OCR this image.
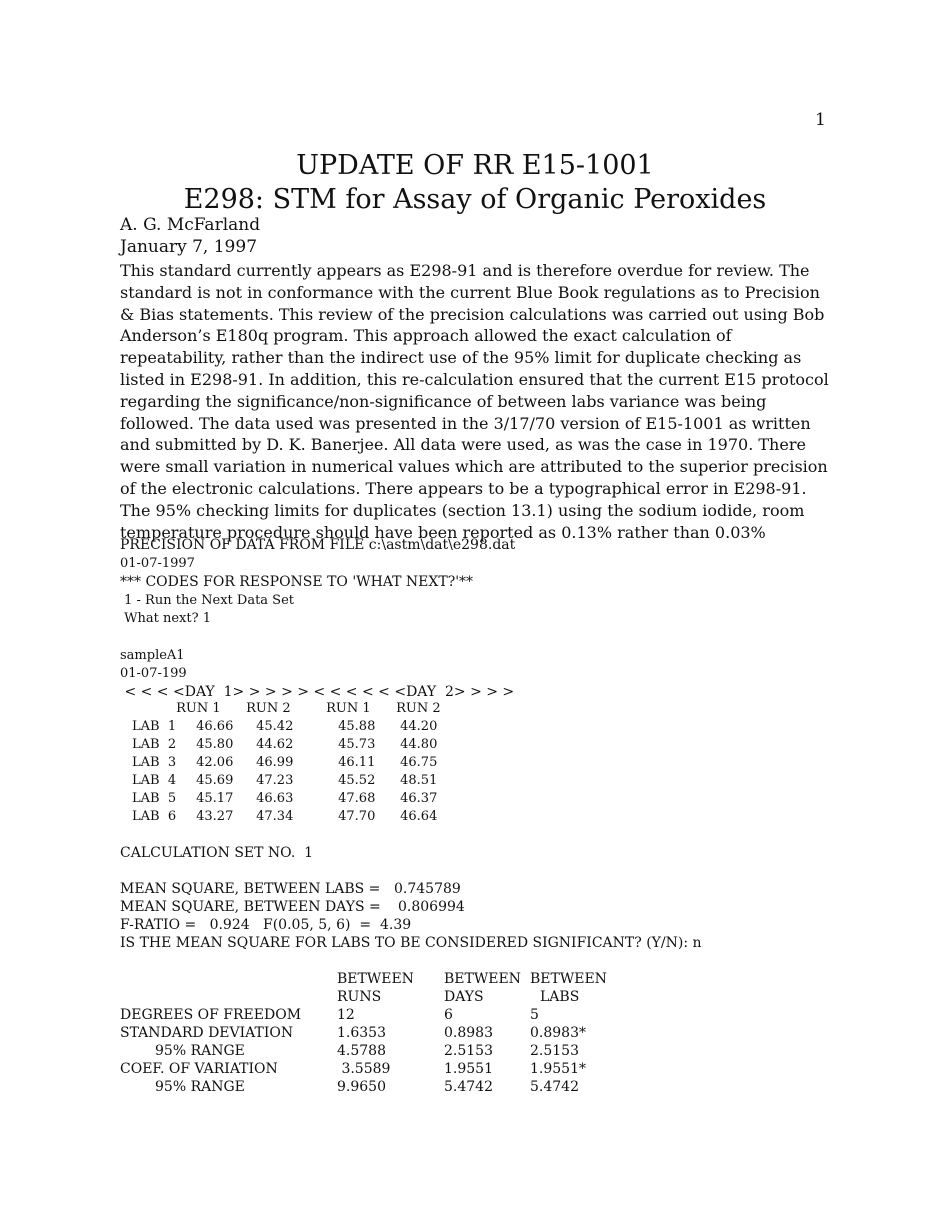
1
UPDATE OF RR E15-1001
E298: STM for Assay of Organic Peroxides
A. G. McFarland
January 7, 1997
This standard currently appears as E298-91 and is therefore overdue for review. The standard is not in conformance with the current Blue Book regulations as to Precision & Bias statements. This review of the precision calculations was carried out using Bob Anderson’s E180q program. This approach allowed the exact calculation of repeatability, rather than the indirect use of the 95% limit for duplicate checking as listed in E298-91. In addition, this re-calculation ensured that the current E15 protocol regarding the significance/non-significance of between labs variance was being followed. The data used was presented in the 3/17/70 version of E15-1001 as written and submitted by D. K. Banerjee. All data were used, as was the case in 1970. There were small variation in numerical values which are attributed to the superior precision of the electronic calculations. There appears to be a typographical error in E298-91. The 95% checking limits for duplicates (section 13.1) using the sodium iodide, room temperature procedure should have been reported as 0.13% rather than 0.03%
PRECISION OF DATA FROM FILE c:\astm\dat\e298.dat
01-07-1997
*** CODES FOR RESPONSE TO 'WHAT NEXT?'**
1 - Run the Next Data Set
What next? 1
sampleA1
01-07-199
< < < <DAY  1> > > > > < < < < < <DAY  2> > > >
	RUN 1	RUN 2	RUN 1	RUN 2
LAB  1	46.66	45.42	45.88	44.20
LAB  2	45.80	44.62	45.73	44.80
LAB  3	42.06	46.99	46.11	46.75
LAB  4	45.69	47.23	45.52	48.51
LAB  5	45.17	46.63	47.68	46.37
LAB  6	43.27	47.34	47.70	46.64
CALCULATION SET NO.  1
MEAN SQUARE, BETWEEN LABS = 0.745789
MEAN SQUARE, BETWEEN DAYS = 0.806994
F-RATIO =   0.924   F(0.05, 5, 6)  =  4.39
IS THE MEAN SQUARE FOR LABS TO BE CONSIDERED SIGNIFICANT? (Y/N): n
	BETWEEN	BETWEEN	BETWEEN
	RUNS	DAYS	LABS
DEGREES OF FREEDOM	12	6	5
STANDARD DEVIATION	1.6353	0.8983	0.8983*
95% RANGE	4.5788	2.5153	2.5153
COEF. OF VARIATION	3.5589	1.9551	1.9551*
95% RANGE	9.9650	5.4742	5.4742
